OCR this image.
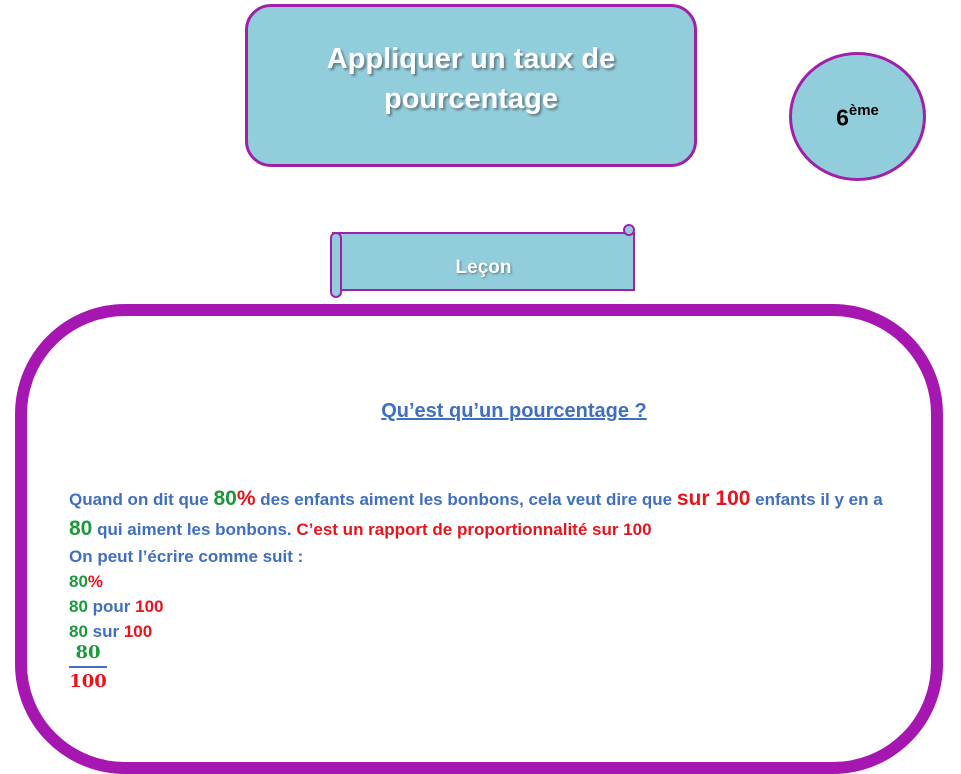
Appliquer un taux de
pourcentage
6ème
Leçon
Qu’est qu’un pourcentage ?
Quand on dit que 80% des enfants aiment les bonbons, cela veut dire que sur 100 enfants il y en a 80 qui aiment les bonbons. C’est un rapport de proportionnalité sur 100
On peut l’écrire comme suit :
80%
80 pour 100
80 sur 100
80
100
